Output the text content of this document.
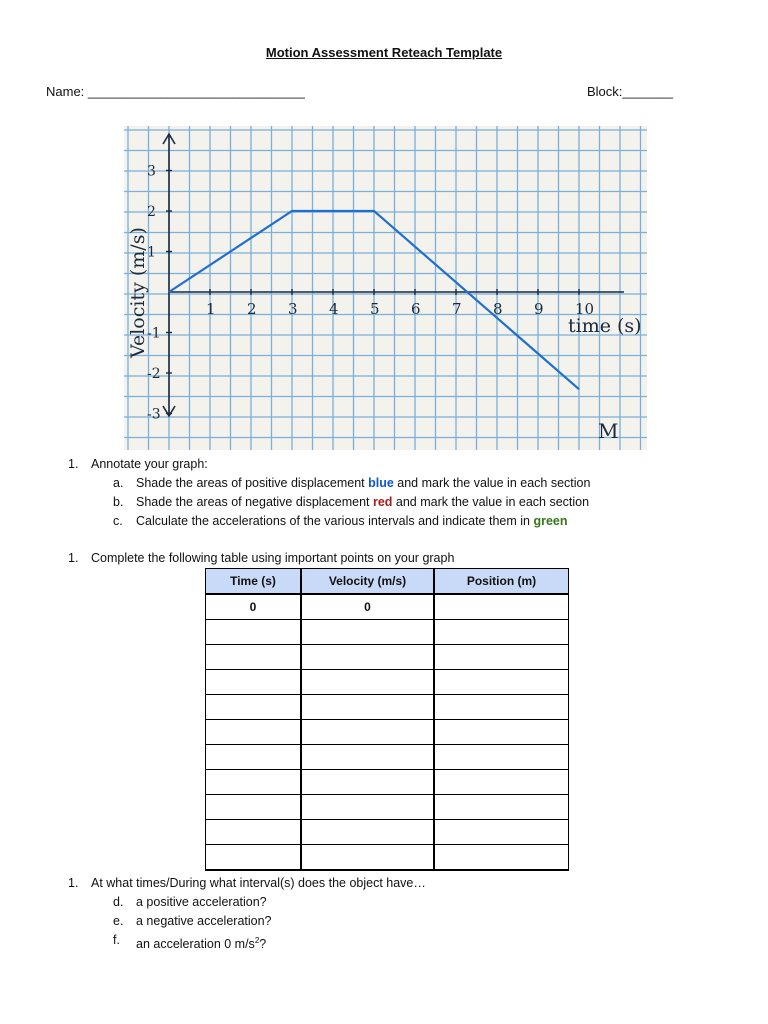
Motion Assessment Reteach Template
Name: ______________________________	Block:_______
1 2 3 4 5 6 7 8 9 10
3
2
1
-1
-2
-3
Velocity (m/s)	time (s)
M
1. Annotate your graph:
a. Shade the areas of positive displacement blue and mark the value in each section
b. Shade the areas of negative displacement red and mark the value in each section
c. Calculate the accelerations of the various intervals and indicate them in green
1. Complete the following table using important points on your graph
Time (s)	Velocity (m/s)	Position (m)
0	0	

1. At what times/During what interval(s) does the object have…
d. a positive acceleration?
e. a negative acceleration?
f. an acceleration 0 $m/s^2$?
